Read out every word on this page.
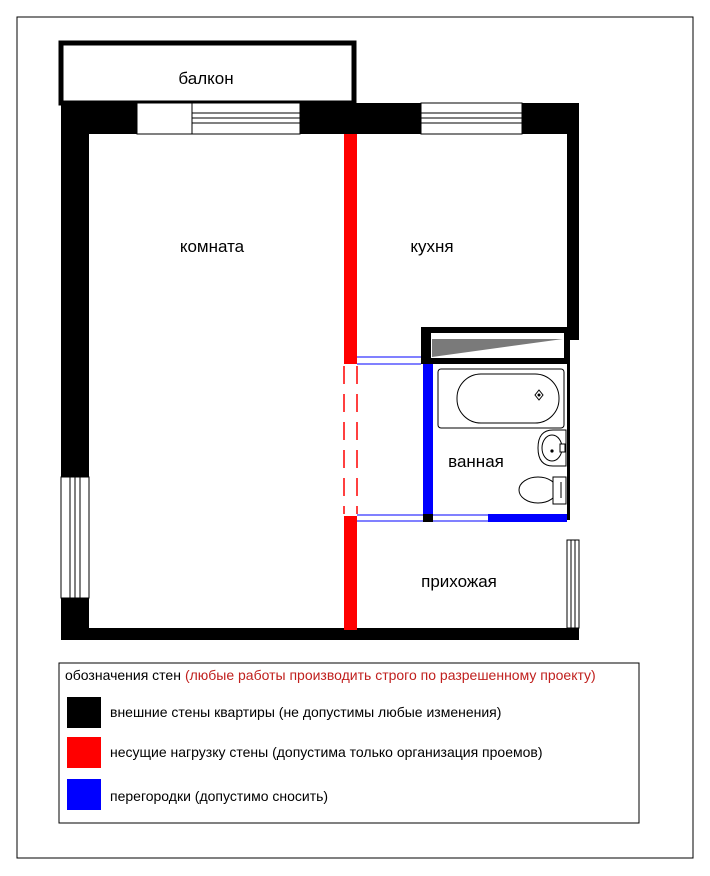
балкон
комната	кухня
ванная
прихожая
обозначения стен (любые работы производить строго по разрешенному проекту)
внешние стены квартиры (не допустимы любые изменения)
несущие нагрузку стены (допустима только организация проемов)
перегородки (допустимо сносить)
